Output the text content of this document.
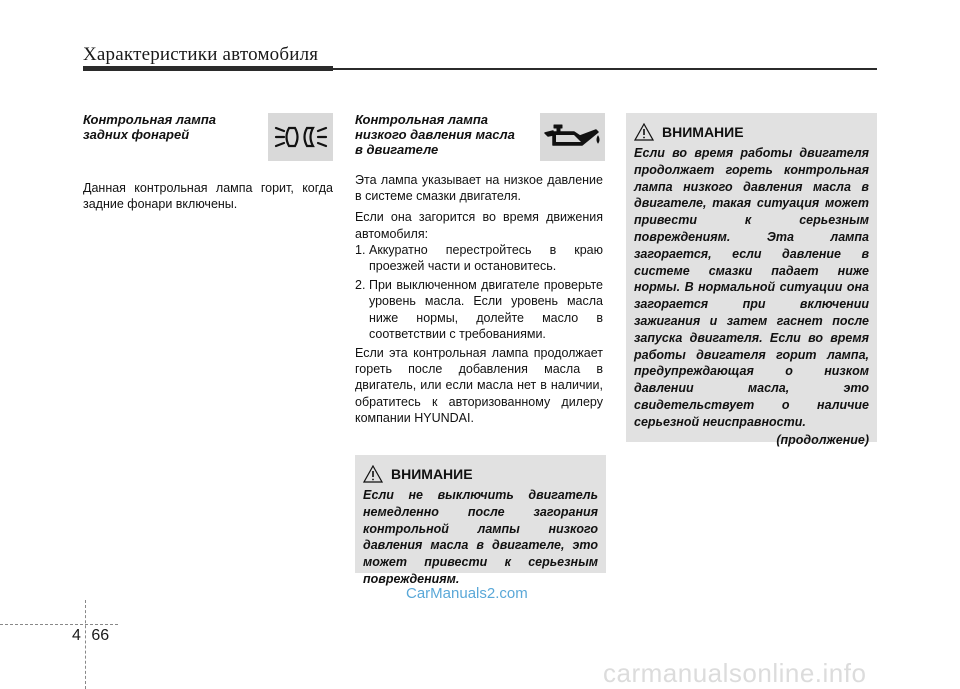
Характеристики автомобиля
Контрольная лампа
задних фонарей
Данная контрольная лампа горит, когда задние фонари включены.
Контрольная лампа
низкого давления масла
в двигателе

Эта лампа указывает на низкое давление в системе смазки двигателя.

Если она загорится во время движения автомобиля:

1. Аккуратно перестройтесь в краю проезжей части и остановитесь.
2. При выключенном двигателе проверьте уровень масла. Если уровень масла ниже нормы, долейте масло в соответствии с требованиями.

Если эта контрольная лампа продолжает гореть после добавления масла в двигатель, или если масла нет в наличии, обратитесь к авторизованному дилеру компании HYUNDAI.

ВНИМАНИЕ
Если не выключить двигатель немедленно после загорания контрольной лампы низкого давления масла в двигателе, это может привести к серьезным повреждениям.
ВНИМАНИЕ
Если во время работы двигателя продолжает гореть контрольная лампа низкого давления масла в двигателе, такая ситуация может привести к серьезным повреждениям. Эта лампа загорается, если давление в системе смазки падает ниже нормы. В нормальной ситуации она загорается при включении зажигания и затем гаснет после запуска двигателя. Если во время работы двигателя горит лампа, предупреждающая о низком давлении масла, это свидетельствует о наличие серьезной неисправности.
(продолжение)
CarManuals2.com
4 66
carmanualsonline.info
